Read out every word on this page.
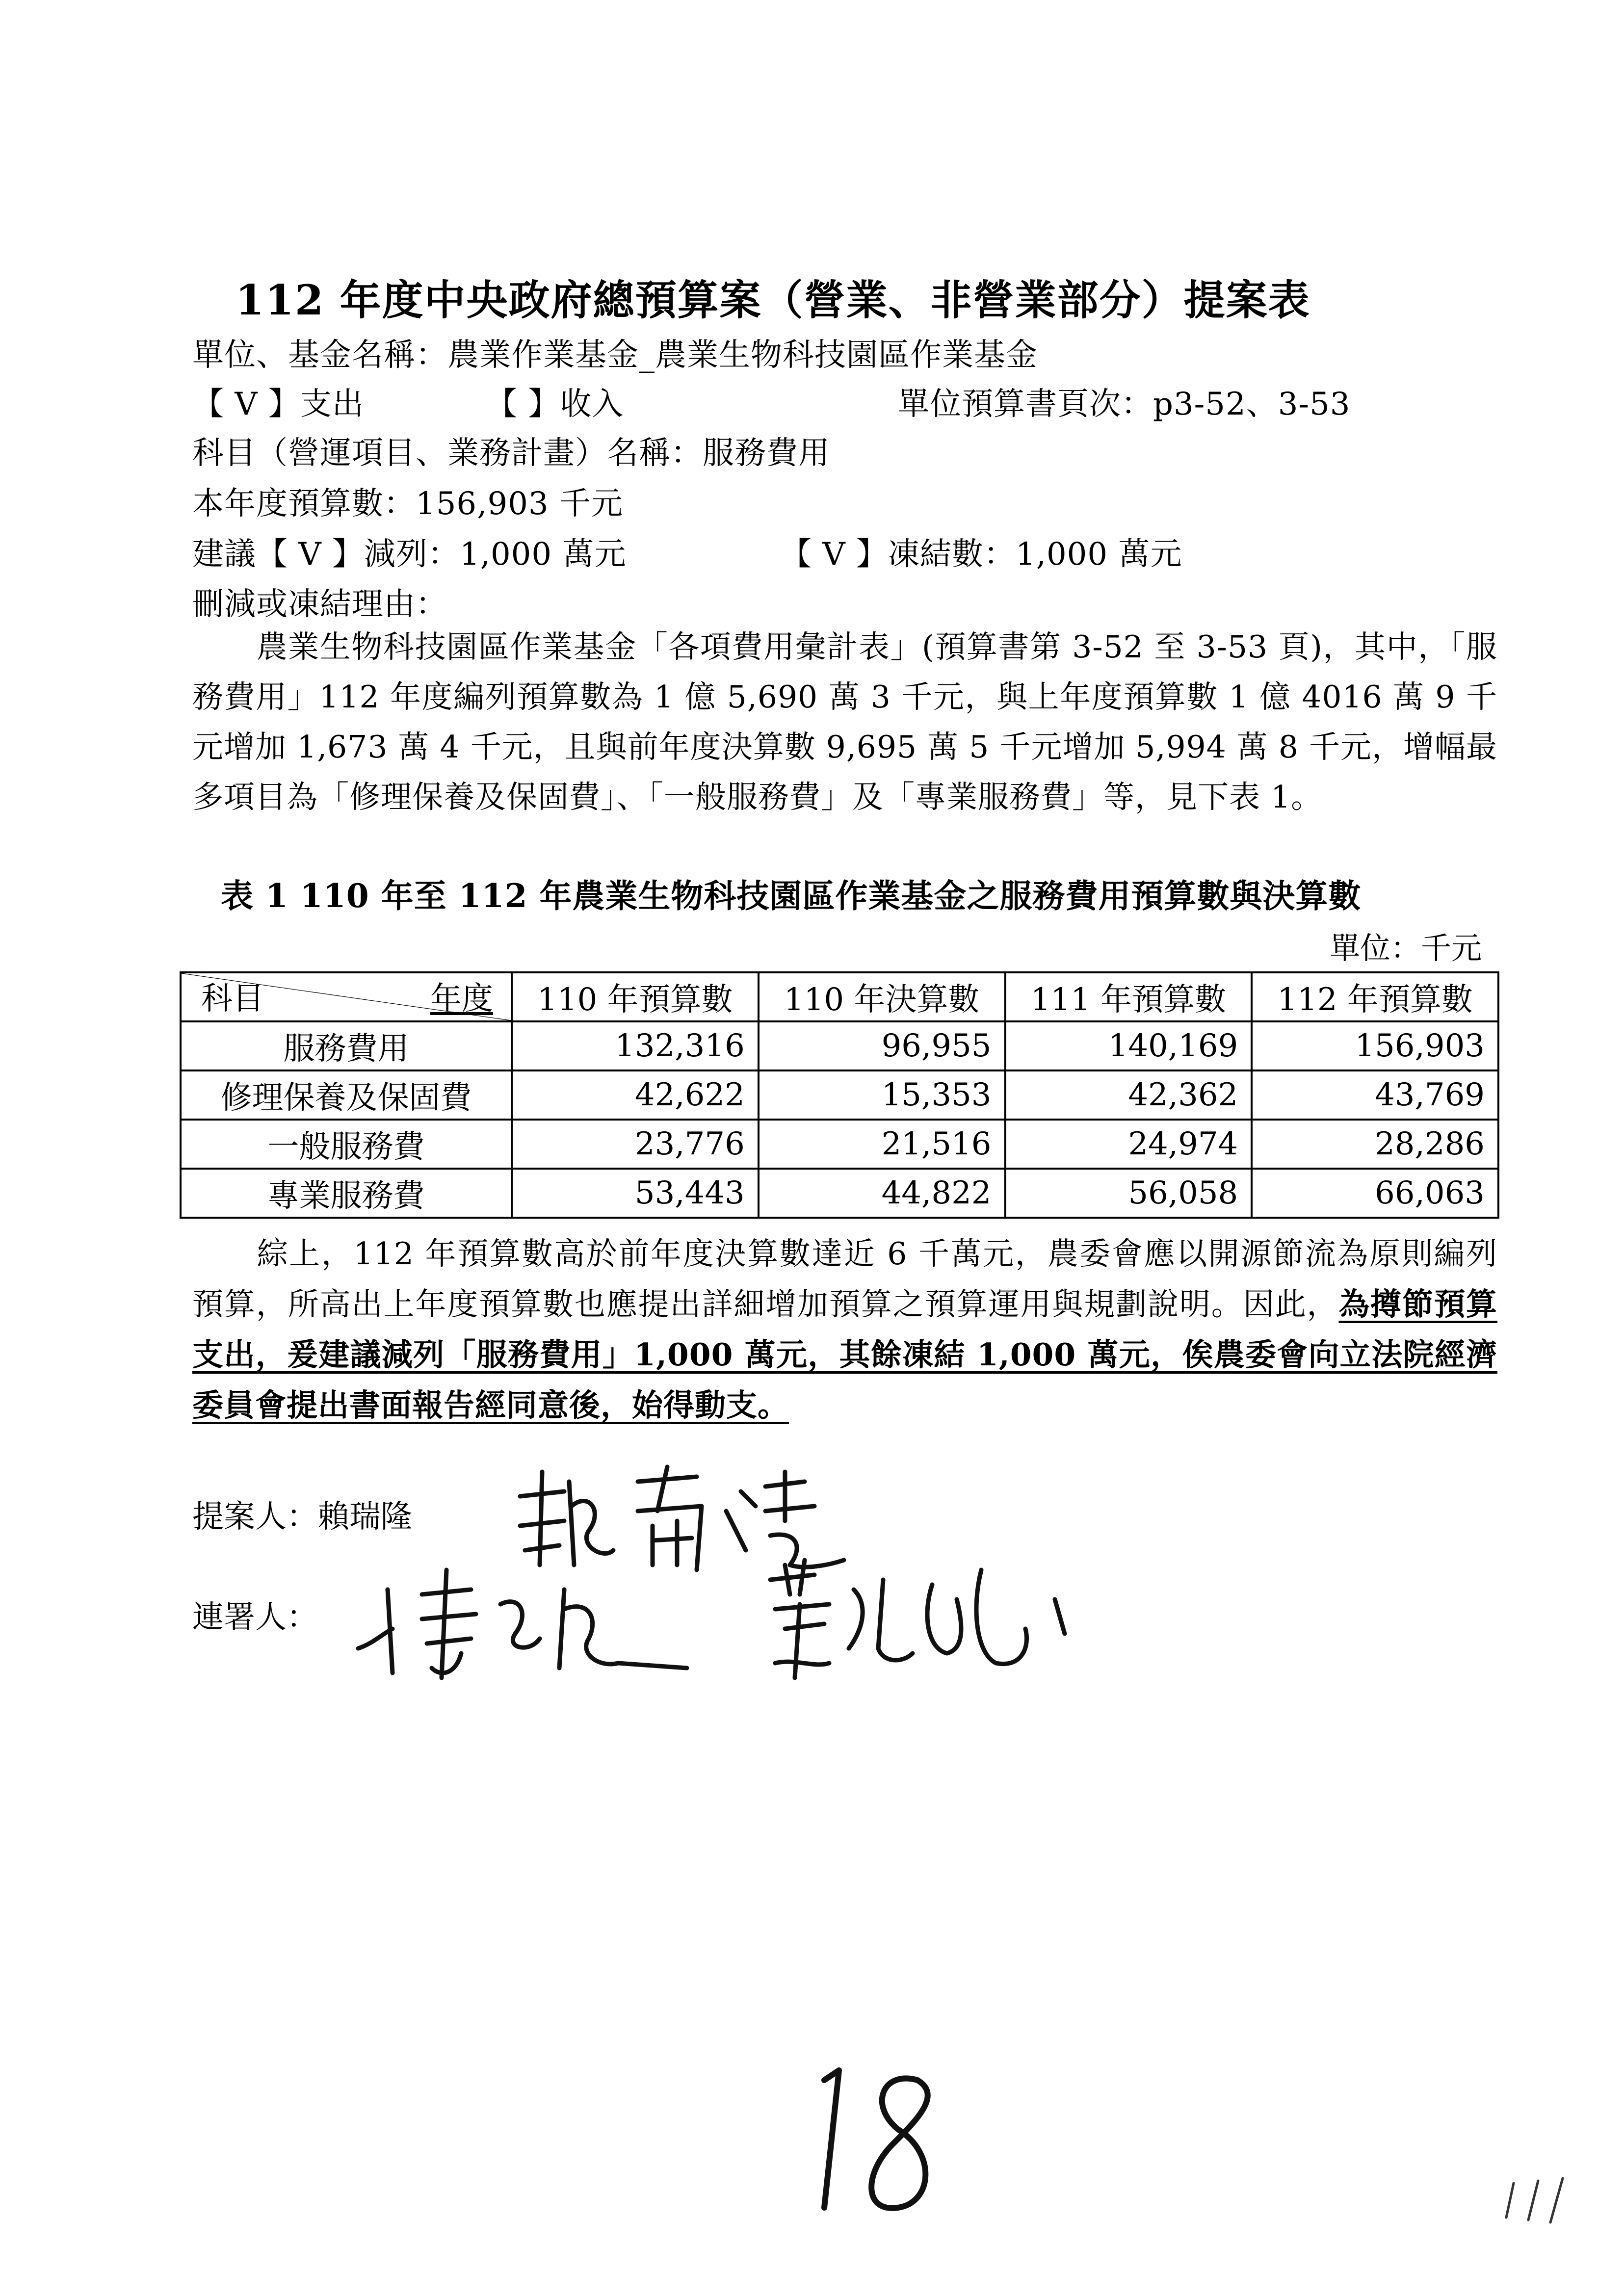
112 年度中央政府總預算案（營業、非營業部分）提案表
單位、基金名稱：農業作業基金_農業生物科技園區作業基金
【 V 】支出	【 】收入	單位預算書頁次：p3-52、3-53
科目（營運項目、業務計畫）名稱：服務費用
本年度預算數：156,903 千元
建議【 V 】減列：1,000 萬元	【 V 】凍結數：1,000 萬元
刪減或凍結理由：
農業生物科技園區作業基金「各項費用彙計表」(預算書第 3-52 至 3-53 頁)，其中，「服務費用」112 年度編列預算數為 1 億 5,690 萬 3 千元，與上年度預算數 1 億 4016 萬 9 千元增加 1,673 萬 4 千元，且與前年度決算數 9,695 萬 5 千元增加 5,994 萬 8 千元，增幅最多項目為「修理保養及保固費」、「一般服務費」及「專業服務費」等，見下表 1。
表 1 110 年至 112 年農業生物科技園區作業基金之服務費用預算數與決算數
單位：千元
科目 年度	110 年預算數	110 年決算數	111 年預算數	112 年預算數
服務費用	132,316	96,955	140,169	156,903
修理保養及保固費	42,622	15,353	42,362	43,769
一般服務費	23,776	21,516	24,974	28,286
專業服務費	53,443	44,822	56,058	66,063
綜上，112 年預算數高於前年度決算數達近 6 千萬元，農委會應以開源節流為原則編列預算，所高出上年度預算數也應提出詳細增加預算之預算運用與規劃說明。因此，為撙節預算支出，爰建議減列「服務費用」1,000 萬元，其餘凍結 1,000 萬元，俟農委會向立法院經濟委員會提出書面報告經同意後，始得動支。
提案人：賴瑞隆
連署人：
18
